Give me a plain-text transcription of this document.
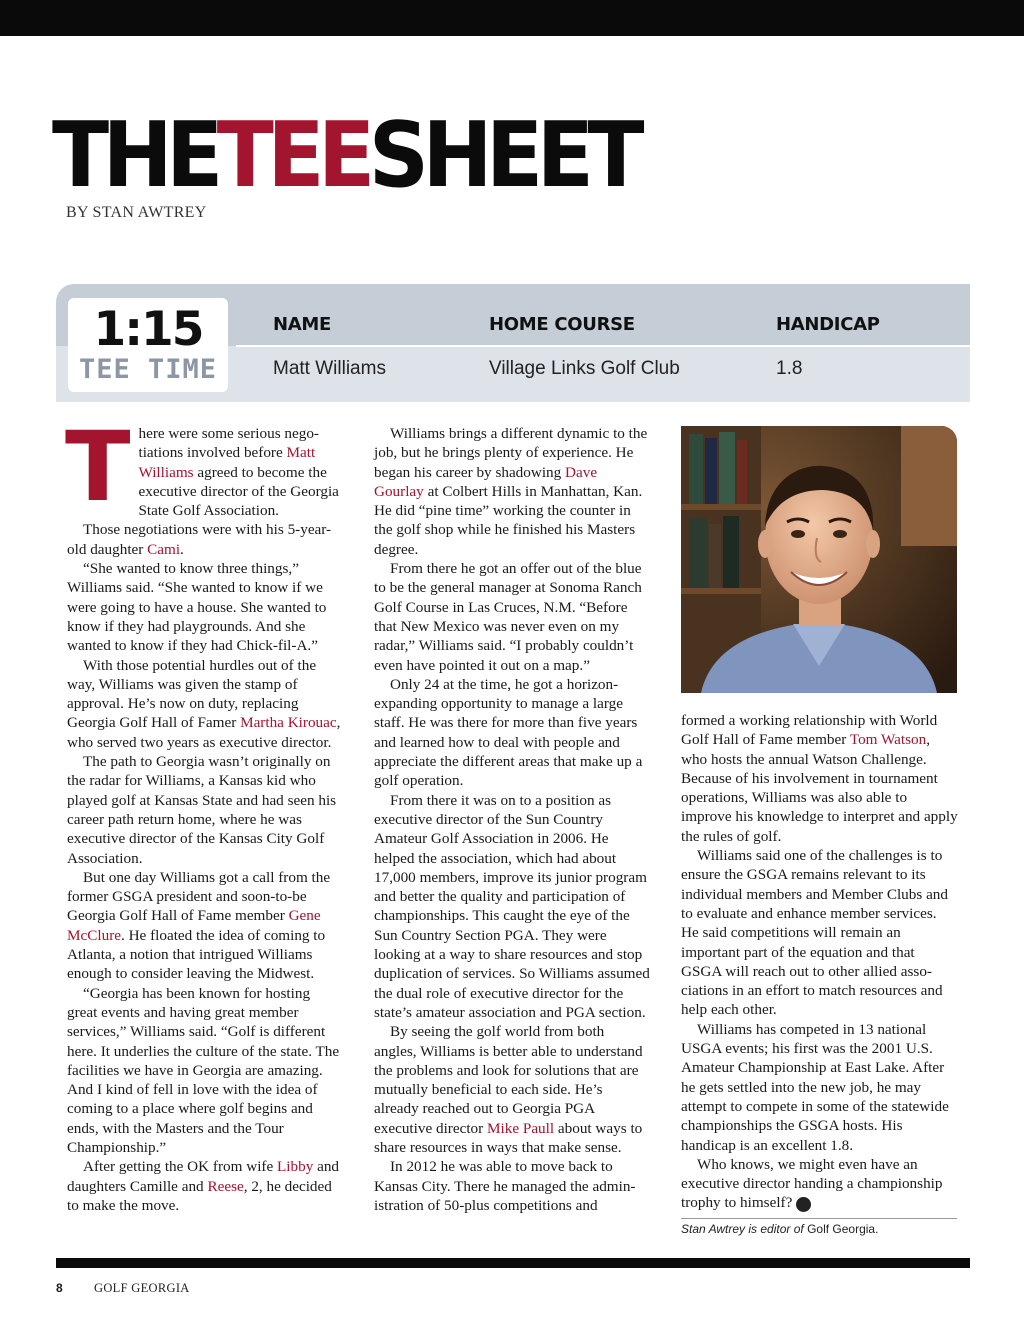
THETEESHEET
BY STAN AWTREY
1:15
TEE TIME
NAME	HOME COURSE	HANDICAP
Matt Williams	Village Links Golf Club	1.8

There were some serious negotiations involved before Matt Williams agreed to become the executive director of the Georgia State Golf Association.

Those negotiations were with his 5-year-old daughter Cami.

“She wanted to know three things,” Williams said. “She wanted to know if we were going to have a house. She wanted to know if they had playgrounds. And she wanted to know if they had Chick-fil-A.”

With those potential hurdles out of the way, Williams was given the stamp of approval. He’s now on duty, replacing Georgia Golf Hall of Famer Martha Kirouac, who served two years as executive director.

The path to Georgia wasn’t originally on the radar for Williams, a Kansas kid who played golf at Kansas State and had seen his career path return home, where he was executive director of the Kansas City Golf Association.

But one day Williams got a call from the former GSGA president and soon-to-be Georgia Golf Hall of Fame member Gene McClure. He floated the idea of coming to Atlanta, a notion that intrigued Williams enough to consider leaving the Midwest.

“Georgia has been known for hosting great events and having great member services,” Williams said. “Golf is different here. It underlies the culture of the state. The facilities we have in Georgia are amazing. And I kind of fell in love with the idea of coming to a place where golf begins and ends, with the Masters and the Tour Championship.”

After getting the OK from wife Libby and daughters Camille and Reese, 2, he decided to make the move.

Williams brings a different dynamic to the job, but he brings plenty of experience. He began his career by shadowing Dave Gourlay at Colbert Hills in Manhattan, Kan. He did “pine time” working the counter in the golf shop while he finished his Masters degree.

From there he got an offer out of the blue to be the general manager at Sonoma Ranch Golf Course in Las Cruces, N.M. “Before that New Mexico was never even on my radar,” Williams said. “I probably couldn’t even have pointed it out on a map.”

Only 24 at the time, he got a horizon-expanding opportunity to manage a large staff. He was there for more than five years and learned how to deal with people and appreciate the different areas that make up a golf operation.

From there it was on to a position as executive director of the Sun Country Amateur Golf Association in 2006. He helped the association, which had about 17,000 members, improve its junior program and better the quality and participation of championships. This caught the eye of the Sun Country Section PGA. They were looking at a way to share resources and stop duplication of services. So Williams assumed the dual role of executive director for the state’s amateur association and PGA section.

By seeing the golf world from both angles, Williams is better able to understand the problems and look for solutions that are mutually beneficial to each side. He’s already reached out to Georgia PGA executive director Mike Paull about ways to share resources in ways that make sense.

In 2012 he was able to move back to Kansas City. There he managed the administration of 50-plus competitions and

formed a working relationship with World Golf Hall of Fame member Tom Watson, who hosts the annual Watson Challenge. Because of his involvement in tournament operations, Williams was also able to improve his knowledge to interpret and apply the rules of golf.

Williams said one of the challenges is to ensure the GSGA remains relevant to its individual members and Member Clubs and to evaluate and enhance member services. He said competitions will remain an important part of the equation and that GSGA will reach out to other allied associations in an effort to match resources and help each other.

Williams has competed in 13 national USGA events; his first was the 2001 U.S. Amateur Championship at East Lake. After he gets settled into the new job, he may attempt to compete in some of the statewide championships the GSGA hosts. His handicap is an excellent 1.8.

Who knows, we might even have an executive director handing a championship trophy to himself? GG

Stan Awtrey is editor of Golf Georgia.
8	GOLF GEORGIA
